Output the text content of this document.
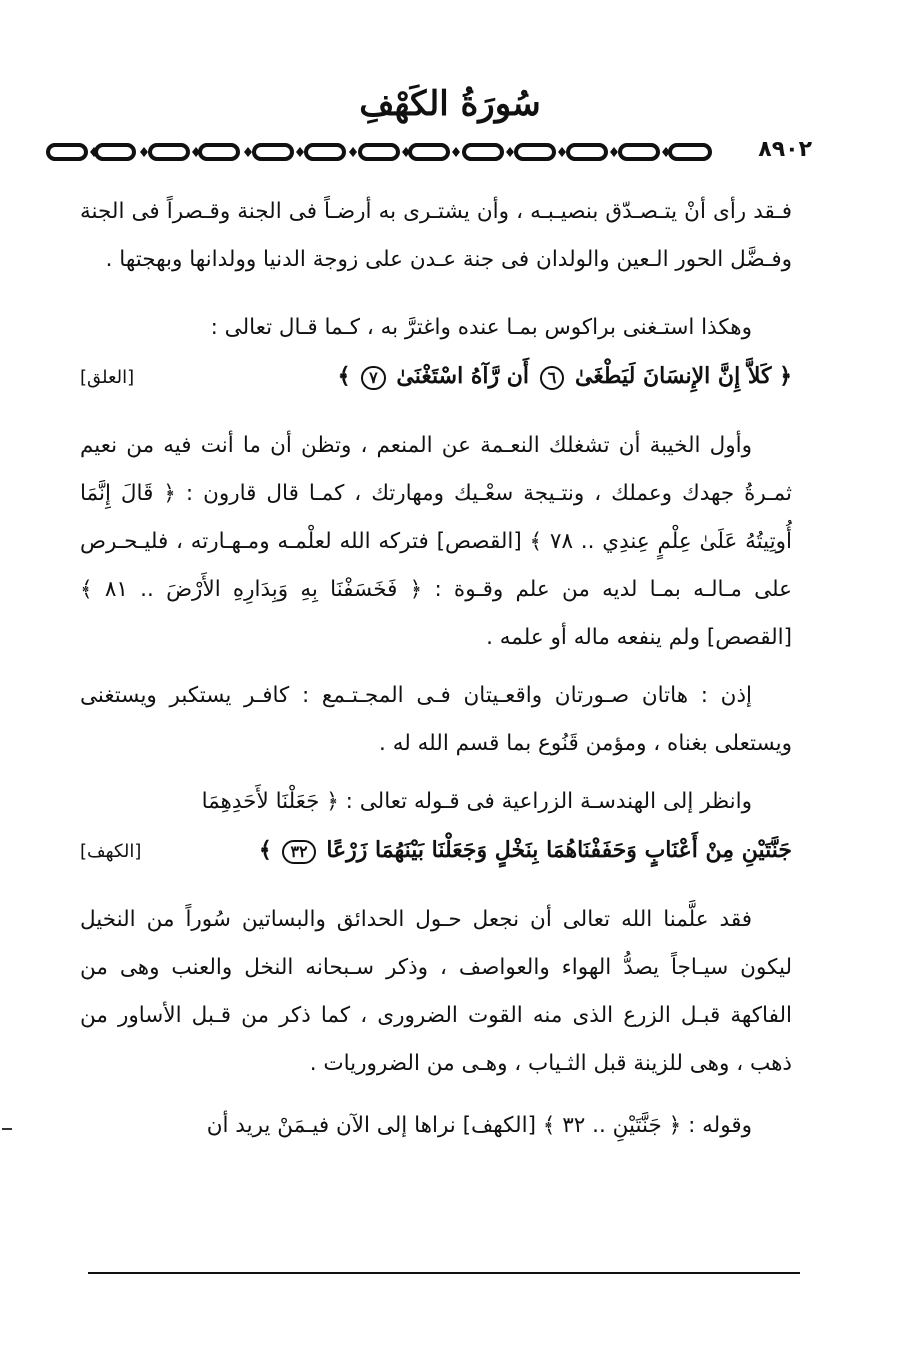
سُورَةُ الكَهْفِ
٨٩٠٢

فـقد رأى أنْ يتـصـدّق بنصيـبـه ، وأن يشتـرى به أرضـاً فى الجنة وقـصراً فى الجنة وفـضَّل الحور الـعين والولدان فى جنة عـدن على زوجة الدنيا وولدانها وبهجتها .

وهكذا استـغنى براكوس بمـا عنده واغترَّ به ، كـما قـال تعالى :

﴿ كَلاَّ إِنَّ الإِنسَانَ لَيَطْغَىٰ ٦ أَن رَّآهُ اسْتَغْنَىٰ ٧ ﴾
[العلق]

وأول الخيبة أن تشغلك النعـمة عن المنعم ، وتظن أن ما أنت فيه من نعيم ثمـرةُ جهدك وعملك ، ونتـيجة سعْـيك ومهارتك ، كمـا قال قارون : ﴿ قَالَ إِنَّمَا أُوتِيتُهُ عَلَىٰ عِلْمٍ عِندِي .. ٧٨ ﴾ [القصص] فتركه الله لعلْمـه ومـهـارته ، فليـحـرص على مـالـه بمـا لديه من علم وقـوة : ﴿ فَخَسَفْنَا بِهِ وَبِدَارِهِ الأَرْضَ .. ٨١ ﴾ [القصص] ولم ينفعه ماله أو علمه .

إذن : هاتان صـورتان واقعـيتان فـى المجـتـمع : كافـر يستكبر ويستغنى ويستعلى بغناه ، ومؤمن قَنُوع بما قسم الله له .

وانظر إلى الهندسـة الزراعية فى قـوله تعالى : ﴿ جَعَلْنَا لأَحَدِهِمَا

جَنَّتَيْنِ مِنْ أَعْنَابٍ وَحَفَفْنَاهُمَا بِنَخْلٍ وَجَعَلْنَا بَيْنَهُمَا زَرْعًا ٣٢ ﴾
[الكهف]

فقد علَّمنا الله تعالى أن نجعل حـول الحدائق والبساتين سُوراً من النخيل ليكون سيـاجاً يصدُّ الهواء والعواصف ، وذكر سـبحانه النخل والعنب وهى من الفاكهة قبـل الزرع الذى منه القوت الضرورى ، كما ذكر من قـبل الأساور من ذهب ، وهى للزينة قبل الثـياب ، وهـى من الضروريات .

وقوله : ﴿ جَنَّتَيْنِ .. ٣٢ ﴾ [الكهف] نراها إلى الآن فيـمَنْ يريد أن
